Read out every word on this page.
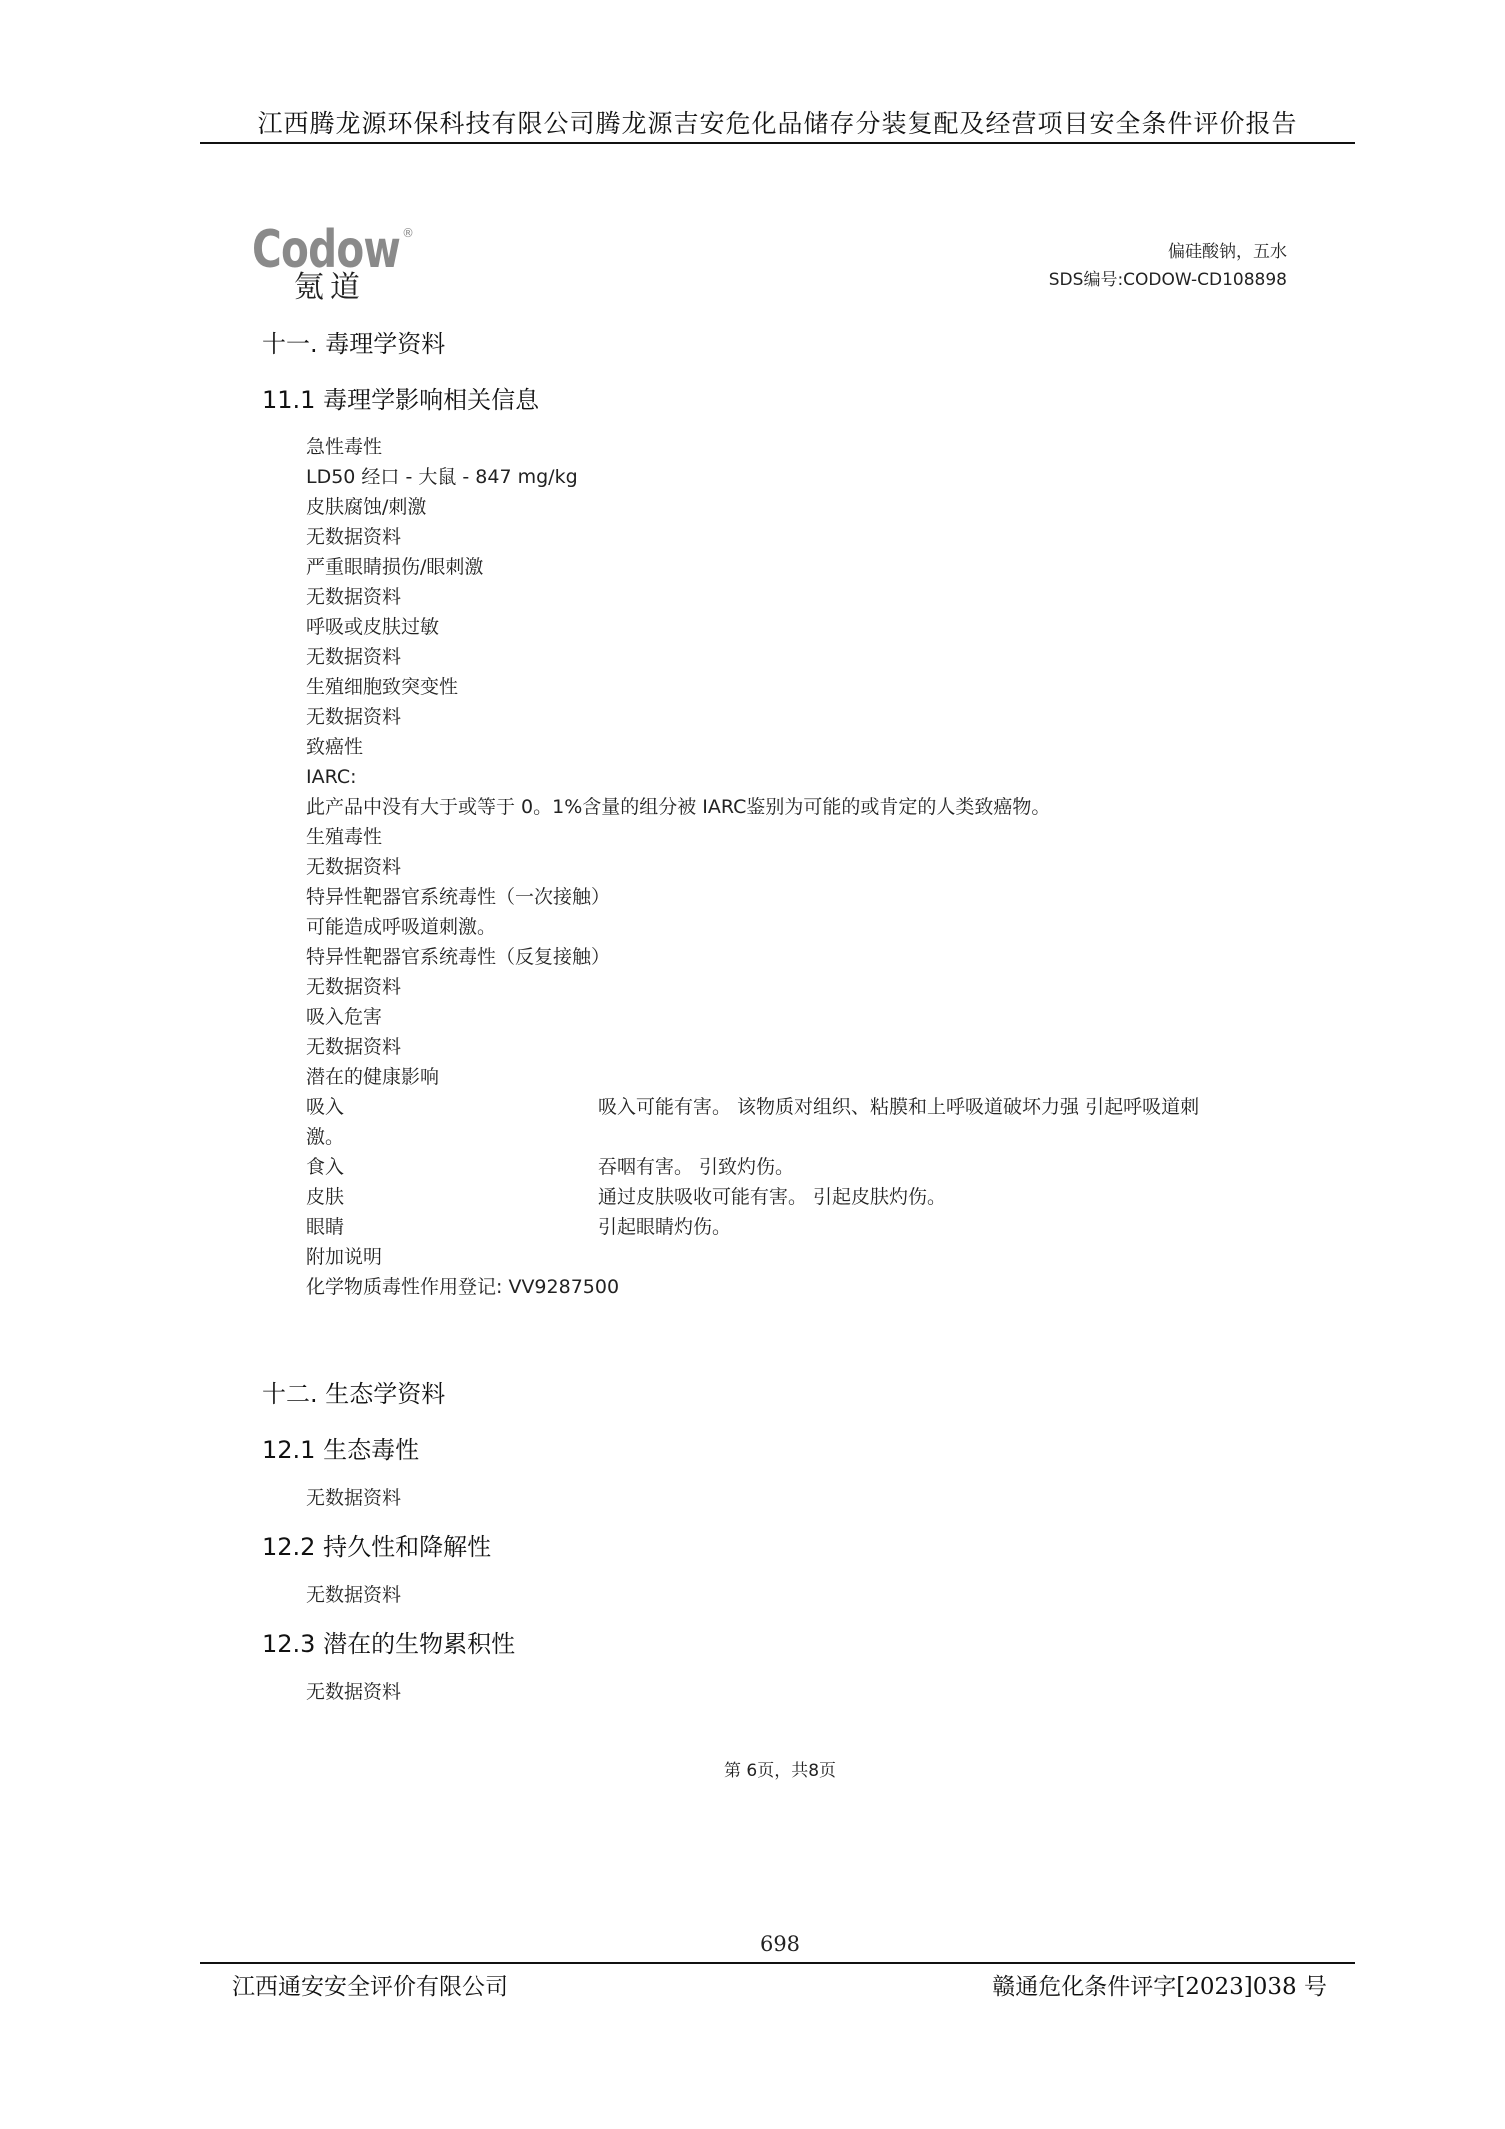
江西腾龙源环保科技有限公司腾龙源吉安危化品储存分装复配及经营项目安全条件评价报告
Codow ®
氪道
偏硅酸钠，五水
SDS编号:CODOW-CD108898
十一. 毒理学资料
11.1 毒理学影响相关信息
急性毒性
LD50 经口 - 大鼠 - 847 mg/kg
皮肤腐蚀/刺激
无数据资料
严重眼睛损伤/眼刺激
无数据资料
呼吸或皮肤过敏
无数据资料
生殖细胞致突变性
无数据资料
致癌性
IARC:
此产品中没有大于或等于 0。1%含量的组分被 IARC鉴别为可能的或肯定的人类致癌物。
生殖毒性
无数据资料
特异性靶器官系统毒性（一次接触）
可能造成呼吸道刺激。
特异性靶器官系统毒性（反复接触）
无数据资料
吸入危害
无数据资料
潜在的健康影响
吸入	吸入可能有害。 该物质对组织、粘膜和上呼吸道破坏力强 引起呼吸道刺
激。
食入	吞咽有害。 引致灼伤。
皮肤	通过皮肤吸收可能有害。 引起皮肤灼伤。
眼睛	引起眼睛灼伤。
附加说明
化学物质毒性作用登记: VV9287500
十二. 生态学资料
12.1 生态毒性
无数据资料
12.2 持久性和降解性
无数据资料
12.3 潜在的生物累积性
无数据资料
第 6页，共8页
698
江西通安安全评价有限公司	赣通危化条件评字[2023]038 号
